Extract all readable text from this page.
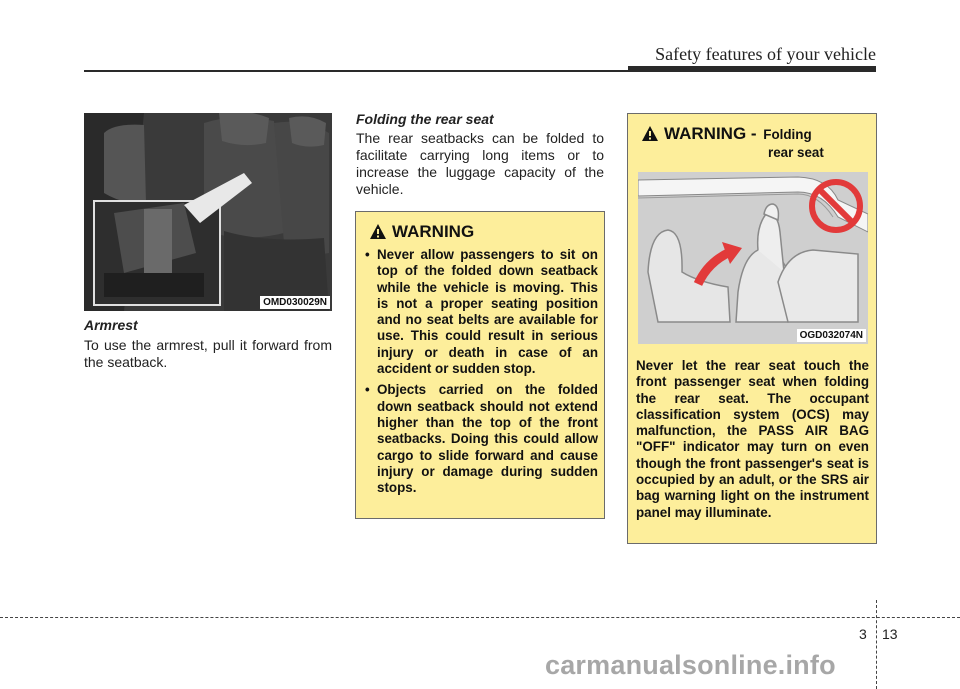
Safety features of your vehicle
OMD030029N
Armrest

To use the armrest, pull it forward from the seatback.

Folding the rear seat

The rear seatbacks can be folded to facilitate carrying long items or to increase the luggage capacity of the vehicle.

WARNING
• Never allow passengers to sit on top of the folded down seatback while the vehicle is moving. This is not a proper seating position and no seat belts are available for use. This could result in serious injury or death in case of an accident or sudden stop.
• Objects carried on the folded down seatback should not extend higher than the top of the front seatbacks. Doing this could allow cargo to slide forward and cause injury or damage during sudden stops.
WARNING - Folding
rear seat
OGD032074N

Never let the rear seat touch the front passenger seat when folding the rear seat. The occupant classification system (OCS) may malfunction, the PASS AIR BAG "OFF" indicator may turn on even though the front passenger's seat is occupied by an adult, or the SRS air bag warning light on the instrument panel may illuminate.

3 13
carmanualsonline.info
